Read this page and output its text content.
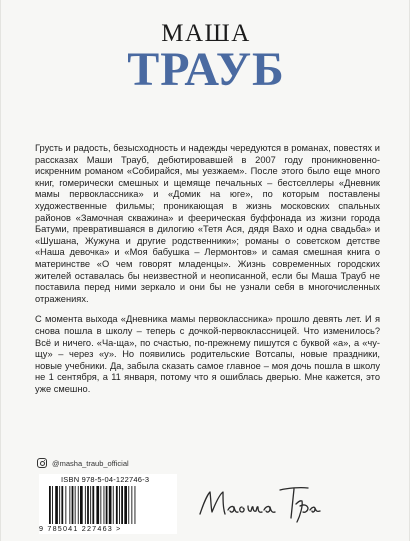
МАША
ТРАУБ

Грусть и радость, безысходность и надежды чередуются в романах, повестях и рассказах Маши Трауб, дебютировавшей в 2007 году проникновенно-искренним романом «Собирайся, мы уезжаем». После этого было еще много книг, гомерически смешных и щемяще печальных – бестселлеры «Дневник мамы первоклассника» и «Домик на юге», по которым поставлены художественные фильмы; проникающая в жизнь московских спальных районов «Замочная скважина» и феерическая буффонада из жизни города Батуми, превратившаяся в дилогию «Тетя Ася, дядя Вахо и одна свадьба» и «Шушана, Жужуна и другие родственники»; романы о советском детстве «Наша девочка» и «Моя бабушка – Лермонтов» и самая смешная книга о материнстве «О чем говорят младенцы». Жизнь современных городских жителей оставалась бы неизвестной и неописанной, если бы Маша Трауб не поставила перед ними зеркало и они бы не узнали себя в многочисленных отражениях.

С момента выхода «Дневника мамы первоклассника» прошло девять лет. И я снова пошла в школу – теперь с дочкой-первоклассницей. Что изменилось? Всё и ничего. «Ча-ща», по счастью, по-прежнему пишутся с буквой «а», а «чу-щу» – через «у». Но появились родительские Вотсапы, новые праздники, новые учебники. Да, забыла сказать самое главное – моя дочь пошла в школу не 1 сентября, а 11 января, потому что я ошиблась дверью. Мне кажется, это уже смешно.

@masha_traub_official
ISBN 978-5-04-122746-3
9 785041 227463 >
